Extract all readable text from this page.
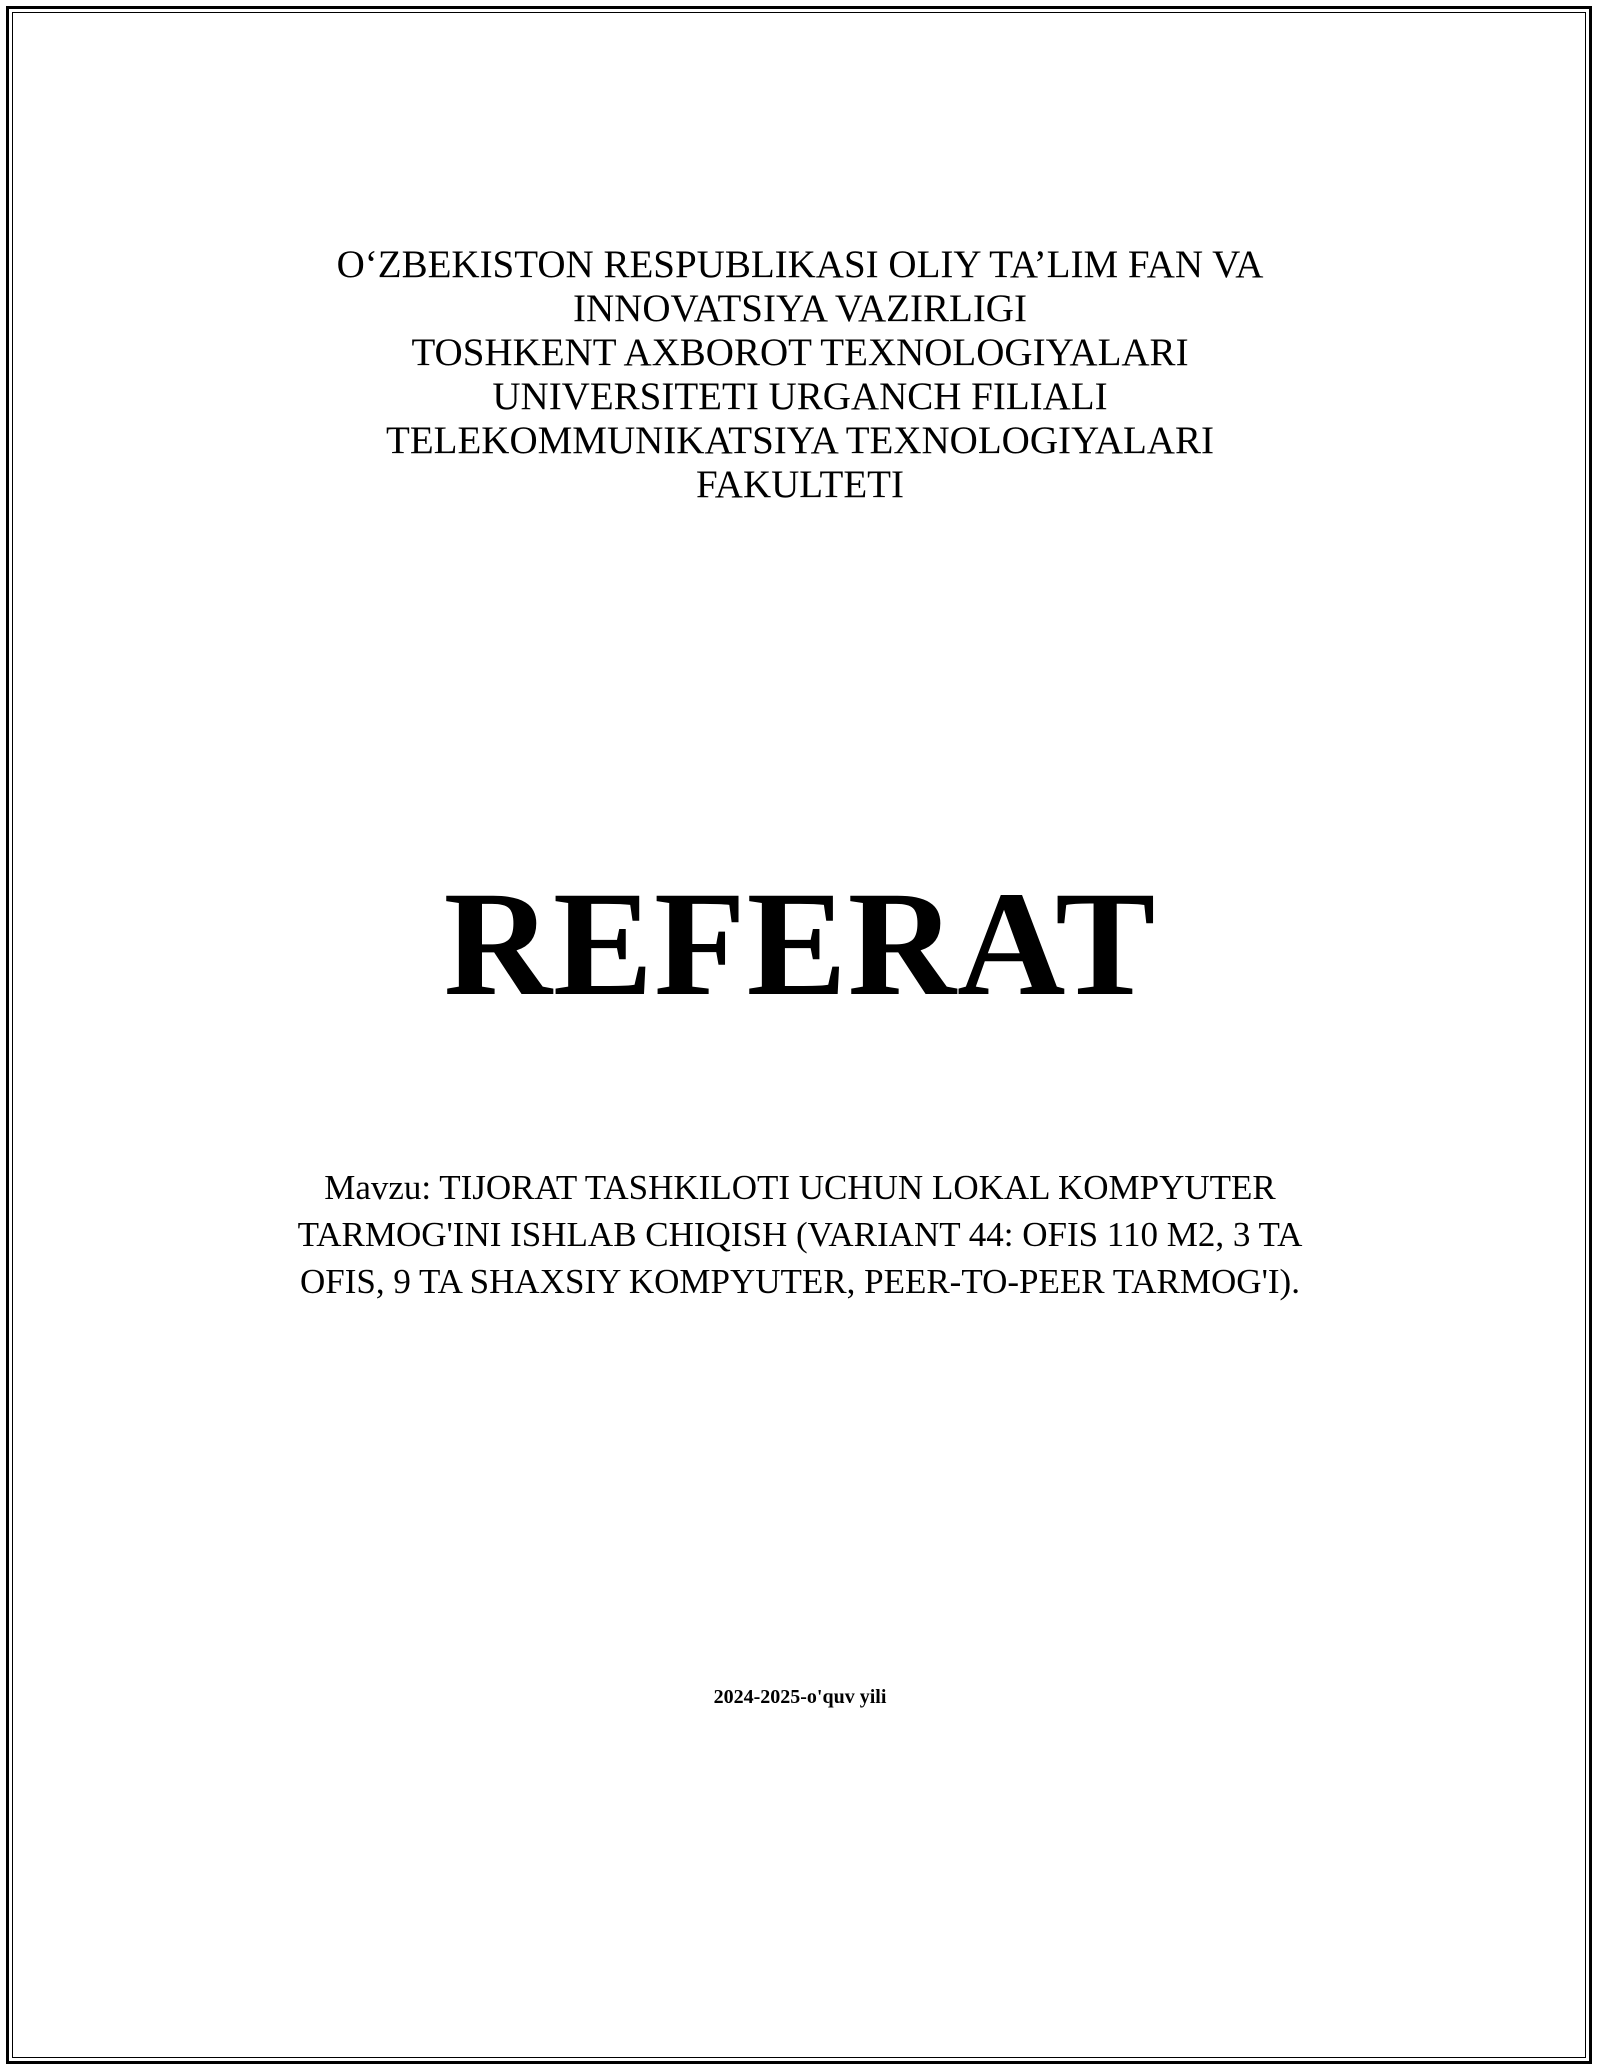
O‘ZBEKISTON RESPUBLIKASI OLIY TA’LIM FAN VA
INNOVATSIYA VAZIRLIGI
TOSHKENT AXBOROT TEXNOLOGIYALARI
UNIVERSITETI URGANCH FILIALI
TELEKOMMUNIKATSIYA TEXNOLOGIYALARI
FAKULTETI
REFERAT
Mavzu: TIJORAT TASHKILOTI UCHUN LOKAL KOMPYUTER
TARMOG'INI ISHLAB CHIQISH (VARIANT 44: OFIS 110 M2, 3 TA
OFIS, 9 TA SHAXSIY KOMPYUTER, PEER-TO-PEER TARMOG'I).
2024-2025-o'quv yili
